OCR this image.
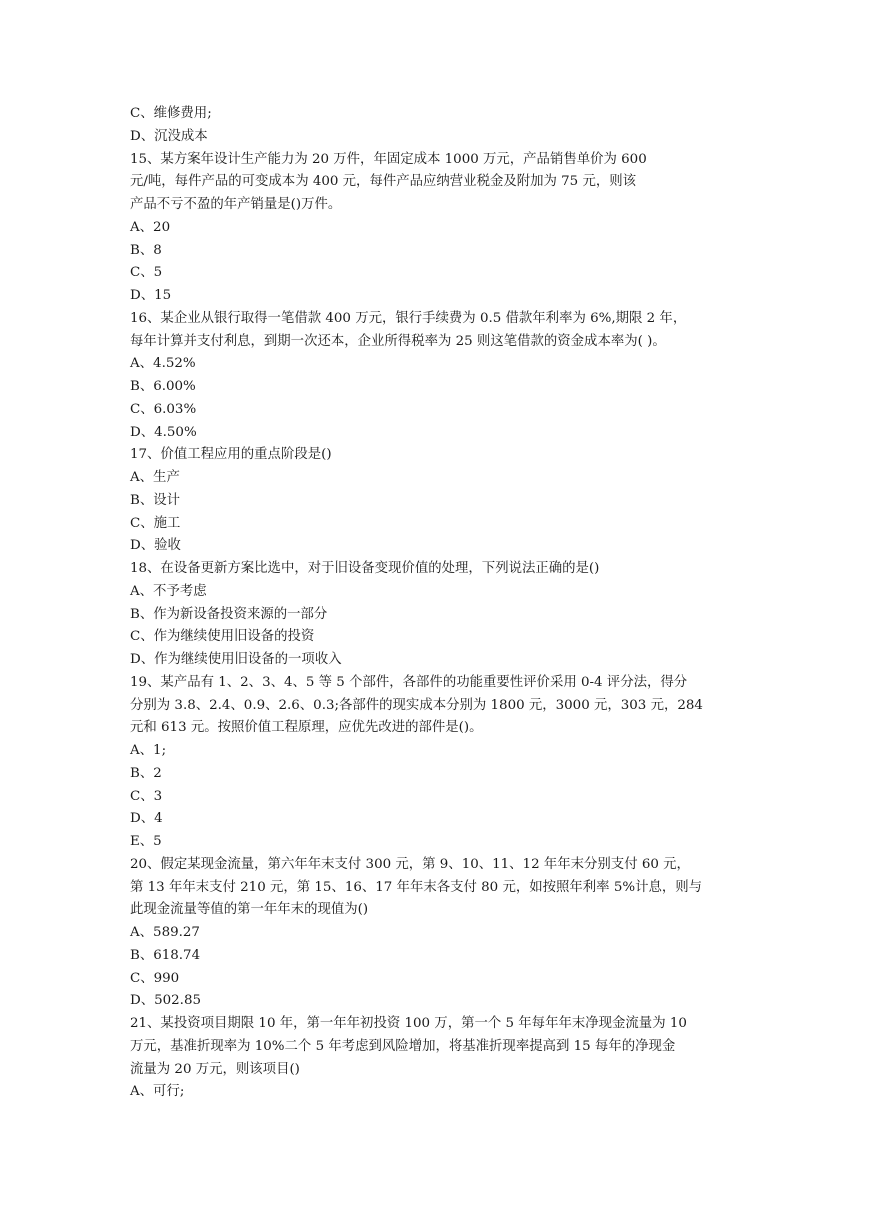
C、维修费用;
D、沉没成本
15、某方案年设计生产能力为 20 万件，年固定成本 1000 万元，产品销售单价为 600
元/吨，每件产品的可变成本为 400 元，每件产品应纳营业税金及附加为 75 元，则该
产品不亏不盈的年产销量是()万件。
A、20
B、8
C、5
D、15
16、某企业从银行取得一笔借款 400 万元，银行手续费为 0.5 借款年利率为 6%,期限 2 年，
每年计算并支付利息，到期一次还本，企业所得税率为 25 则这笔借款的资金成本率为( )。
A、4.52%
B、6.00%
C、6.03%
D、4.50%
17、价值工程应用的重点阶段是()
A、生产
B、设计
C、施工
D、验收
18、在设备更新方案比选中，对于旧设备变现价值的处理，下列说法正确的是()
A、不予考虑
B、作为新设备投资来源的一部分
C、作为继续使用旧设备的投资
D、作为继续使用旧设备的一项收入
19、某产品有 1、2、3、4、5 等 5 个部件，各部件的功能重要性评价采用 0-4 评分法，得分
分别为 3.8、2.4、0.9、2.6、0.3;各部件的现实成本分别为 1800 元，3000 元，303 元，284
元和 613 元。按照价值工程原理，应优先改进的部件是()。
A、1;
B、2
C、3
D、4
E、5
20、假定某现金流量，第六年年末支付 300 元，第 9、10、11、12 年年末分别支付 60 元，
第 13 年年末支付 210 元，第 15、16、17 年年末各支付 80 元，如按照年利率 5%计息，则与
此现金流量等值的第一年年末的现值为()
A、589.27
B、618.74
C、990
D、502.85
21、某投资项目期限 10 年，第一年年初投资 100 万，第一个 5 年每年年末净现金流量为 10
万元，基准折现率为 10%二个 5 年考虑到风险增加，将基准折现率提高到 15 每年的净现金
流量为 20 万元，则该项目()
A、可行;
